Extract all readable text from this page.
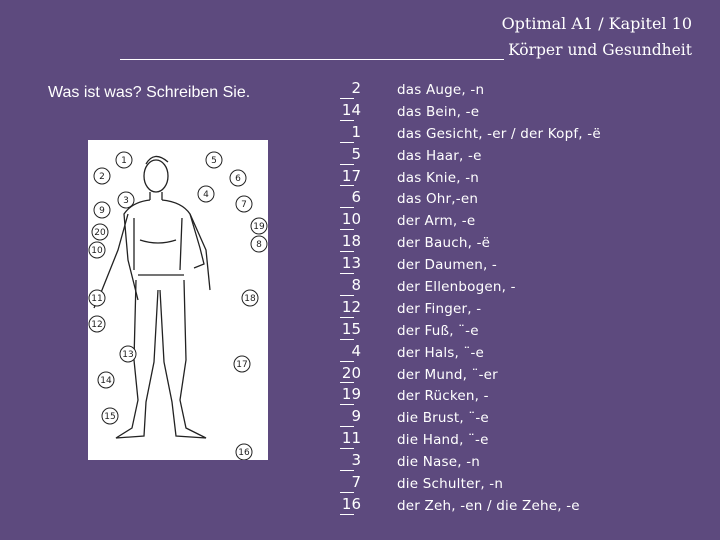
Optimal A1 / Kapitel 10
Körper und Gesundheit
Was ist was? Schreiben Sie.
1
2
3
4
5
6
7
8
9
10
11
12
13
14
15
16
17
18
19
20
2
14
1
5
17
6
10
18
13
8
12
15
4
20
19
9
11
3
7
16
das Auge, -n
das Bein, -e
das Gesicht, -er / der Kopf, -ë
das Haar, -e
das Knie, -n
das Ohr,-en
der Arm, -e
der Bauch, -ë
der Daumen, -
der Ellenbogen, -
der Finger, -
der Fuß, ¨-e
der Hals, ¨-e
der Mund, ¨-er
der Rücken, -
die Brust, ¨-e
die Hand, ¨-e
die Nase, -n
die Schulter, -n
der Zeh, -en / die Zehe, -e
